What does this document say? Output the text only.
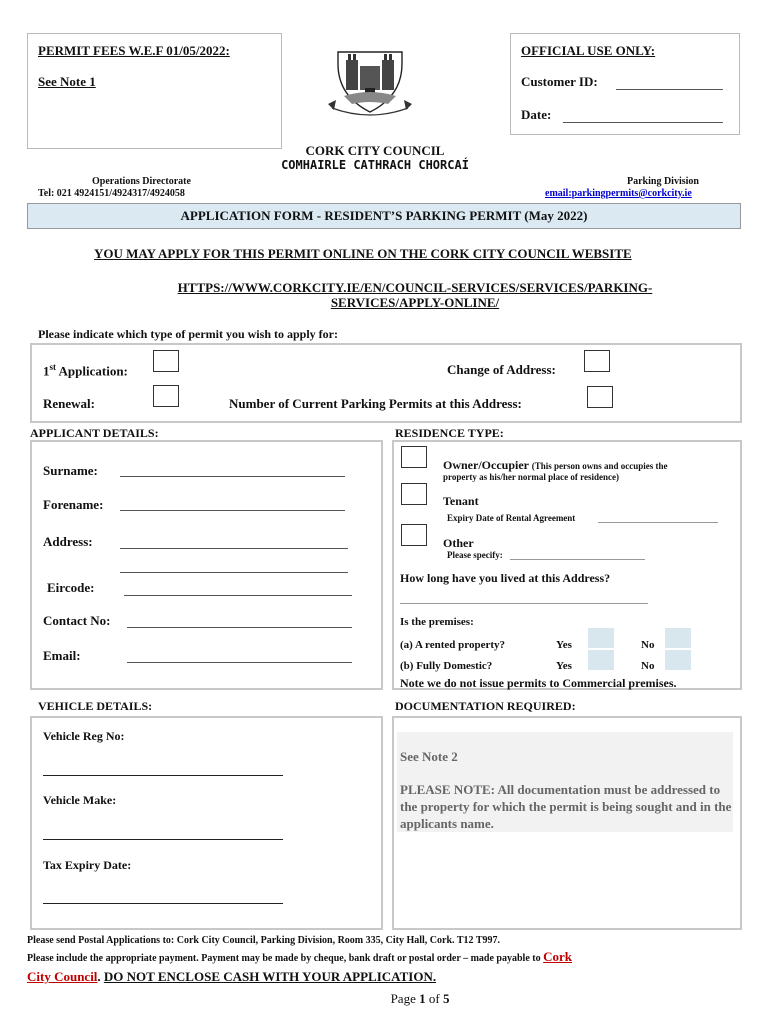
PERMIT FEES W.E.F 01/05/2022:
See Note 1
OFFICIAL USE ONLY:
Customer ID:
Date:
CORK CITY COUNCIL
COMHAIRLE CATHRACH CHORCAÍ
Operations Directorate
Tel: 021 4924151/4924317/4924058
Parking Division
email:parkingpermits@corkcity.ie
APPLICATION FORM - RESIDENT’S PARKING PERMIT (May 2022)
YOU MAY APPLY FOR THIS PERMIT ONLINE ON THE CORK CITY COUNCIL WEBSITE
HTTPS://WWW.CORKCITY.IE/EN/COUNCIL-SERVICES/SERVICES/PARKING-
SERVICES/APPLY-ONLINE/
Please indicate which type of permit you wish to apply for:
1st Application:	Change of Address:
Renewal:	Number of Current Parking Permits at this Address:
APPLICANT DETAILS:
Surname:
Forename:
Address:
Eircode:
Contact No:
Email:
RESIDENCE TYPE:
Owner/Occupier (This person owns and occupies the
property as his/her normal place of residence)
Tenant
Expiry Date of Rental Agreement
Other
Please specify:
How long have you lived at this Address?
Is the premises:
(a) A rented property?	Yes	No
(b) Fully Domestic?	Yes	No
Note we do not issue permits to Commercial premises.
VEHICLE DETAILS:
Vehicle Reg No:
Vehicle Make:
Tax Expiry Date:
DOCUMENTATION REQUIRED:
See Note 2
PLEASE NOTE: All documentation must be addressed to the property for which the permit is being sought and in the applicants name.
Please send Postal Applications to: Cork City Council, Parking Division, Room 335, City Hall, Cork. T12 T997.
Please include the appropriate payment. Payment may be made by cheque, bank draft or postal order – made payable to Cork
City Council. DO NOT ENCLOSE CASH WITH YOUR APPLICATION.
Page 1 of 5
